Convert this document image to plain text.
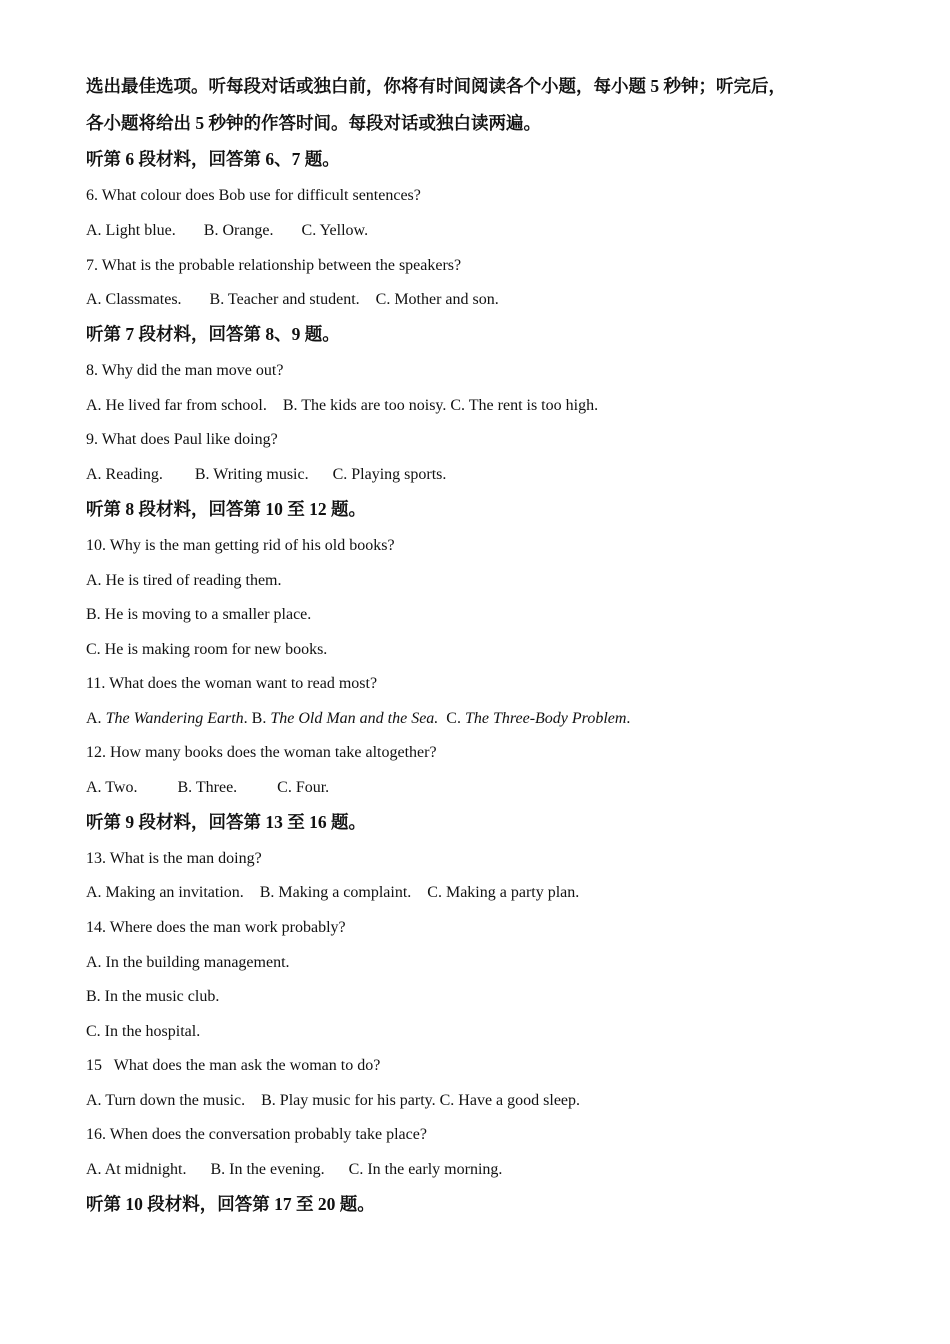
选出最佳选项。听每段对话或独白前，你将有时间阅读各个小题，每小题 5 秒钟；听完后，
各小题将给出 5 秒钟的作答时间。每段对话或独白读两遍。
听第 6 段材料，回答第 6、7 题。
6. What colour does Bob use for difficult sentences?
A. Light blue.       B. Orange.       C. Yellow.
7. What is the probable relationship between the speakers?
A. Classmates.       B. Teacher and student.    C. Mother and son.
听第 7 段材料，回答第 8、9 题。
8. Why did the man move out?
A. He lived far from school.    B. The kids are too noisy. C. The rent is too high.
9. What does Paul like doing?
A. Reading.        B. Writing music.      C. Playing sports.
听第 8 段材料，回答第 10 至 12 题。
10. Why is the man getting rid of his old books?
A. He is tired of reading them.
B. He is moving to a smaller place.
C. He is making room for new books.
11. What does the woman want to read most?
A. The Wandering Earth. B. The Old Man and the Sea.  C. The Three-Body Problem.
12. How many books does the woman take altogether?
A. Two.          B. Three.          C. Four.
听第 9 段材料，回答第 13 至 16 题。
13. What is the man doing?
A. Making an invitation.    B. Making a complaint.    C. Making a party plan.
14. Where does the man work probably?
A. In the building management.
B. In the music club.
C. In the hospital.
15   What does the man ask the woman to do?
A. Turn down the music.    B. Play music for his party. C. Have a good sleep.
16. When does the conversation probably take place?
A. At midnight.      B. In the evening.      C. In the early morning.
听第 10 段材料，回答第 17 至 20 题。
